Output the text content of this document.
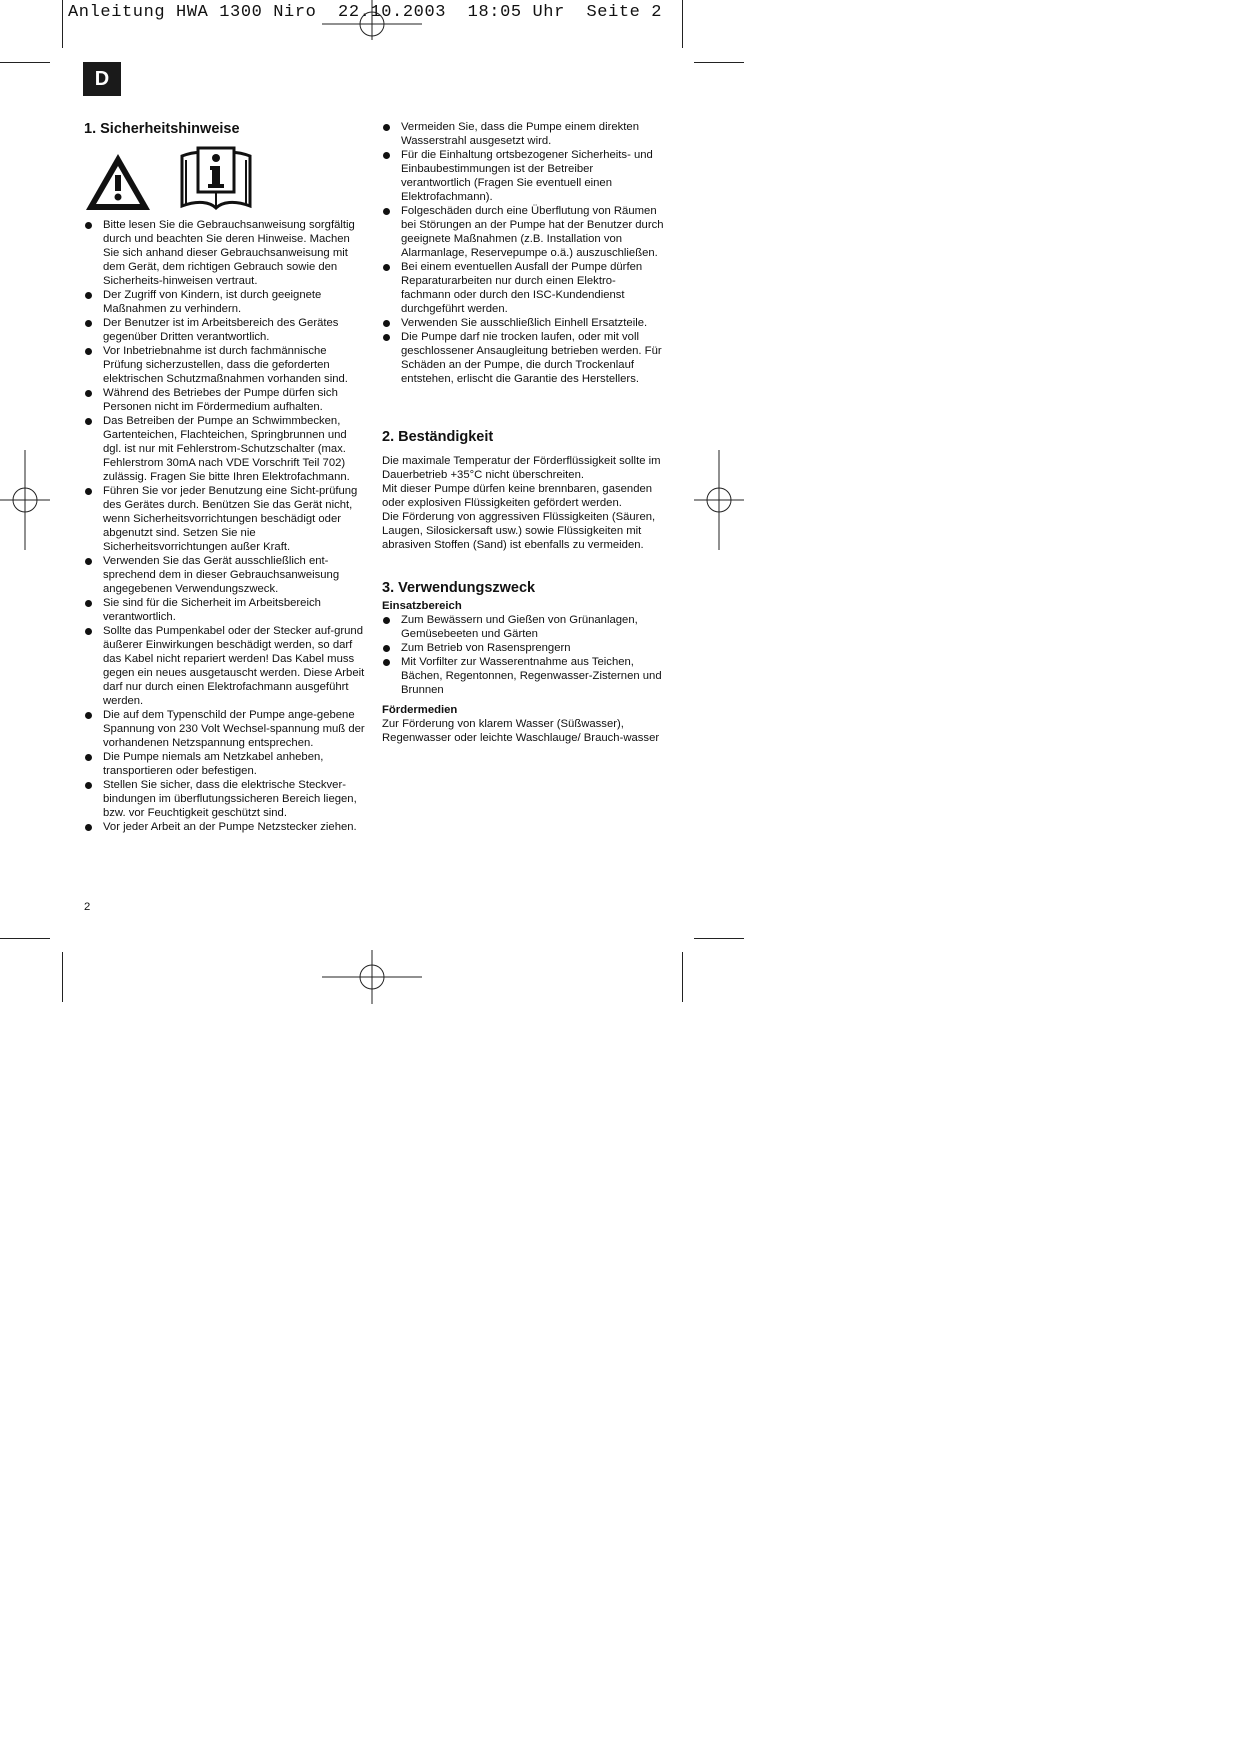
Anleitung HWA 1300 Niro  22.10.2003  18:05 Uhr  Seite 2
D
1. Sicherheitshinweise
Bitte lesen Sie die Gebrauchsanweisung sorgfältig durch und beachten Sie deren Hinweise. Machen Sie sich anhand dieser Gebrauchsanweisung mit dem Gerät, dem richtigen Gebrauch sowie den Sicherheits-hinweisen vertraut.
Der Zugriff von Kindern, ist durch geeignete Maßnahmen zu verhindern.
Der Benutzer ist im Arbeitsbereich des Gerätes gegenüber Dritten verantwortlich.
Vor Inbetriebnahme ist durch fachmännische Prüfung sicherzustellen, dass die geforderten elektrischen Schutzmaßnahmen vorhanden sind.
Während des Betriebes der Pumpe dürfen sich Personen nicht im Fördermedium aufhalten.
Das Betreiben der Pumpe an Schwimmbecken, Gartenteichen, Flachteichen, Springbrunnen und dgl. ist nur mit Fehlerstrom-Schutzschalter (max. Fehlerstrom 30mA nach VDE Vorschrift Teil 702) zulässig. Fragen Sie bitte Ihren Elektrofachmann.
Führen Sie vor jeder Benutzung eine Sicht-prüfung des Gerätes durch. Benützen Sie das Gerät nicht, wenn Sicherheitsvorrichtungen beschädigt oder abgenutzt sind. Setzen Sie nie Sicherheitsvorrichtungen außer Kraft.
Verwenden Sie das Gerät ausschließlich ent-sprechend dem in dieser Gebrauchsanweisung angegebenen Verwendungszweck.
Sie sind für die Sicherheit im Arbeitsbereich verantwortlich.
Sollte das Pumpenkabel oder der Stecker auf-grund äußerer Einwirkungen beschädigt werden, so darf das Kabel nicht repariert werden! Das Kabel muss gegen ein neues ausgetauscht werden. Diese Arbeit darf nur durch einen Elektrofachmann ausgeführt werden.
Die auf dem Typenschild der Pumpe ange-gebene Spannung von 230 Volt Wechsel-spannung muß der vorhandenen Netzspannung entsprechen.
Die Pumpe niemals am Netzkabel anheben, transportieren oder befestigen.
Stellen Sie sicher, dass die elektrische Steckver-bindungen im überflutungssicheren Bereich liegen, bzw. vor Feuchtigkeit geschützt sind.
Vor jeder Arbeit an der Pumpe Netzstecker ziehen.
Vermeiden Sie, dass die Pumpe einem direkten Wasserstrahl ausgesetzt wird.
Für die Einhaltung ortsbezogener Sicherheits- und Einbaubestimmungen ist der Betreiber verantwortlich (Fragen Sie eventuell einen Elektrofachmann).
Folgeschäden durch eine Überflutung von Räumen bei Störungen an der Pumpe hat der Benutzer durch geeignete Maßnahmen (z.B. Installation von Alarmanlage, Reservepumpe o.ä.) auszuschließen.
Bei einem eventuellen Ausfall der Pumpe dürfen Reparaturarbeiten nur durch einen Elektro-fachmann oder durch den ISC-Kundendienst durchgeführt werden.
Verwenden Sie ausschließlich Einhell Ersatzteile.
Die Pumpe darf nie trocken laufen, oder mit voll geschlossener Ansaugleitung betrieben werden. Für Schäden an der Pumpe, die durch Trockenlauf entstehen, erlischt die Garantie des Herstellers.
2. Beständigkeit

Die maximale Temperatur der Förderflüssigkeit sollte im Dauerbetrieb +35°C nicht überschreiten.

Mit dieser Pumpe dürfen keine brennbaren, gasenden oder explosiven Flüssigkeiten gefördert werden.

Die Förderung von aggressiven Flüssigkeiten (Säuren, Laugen, Silosickersaft usw.) sowie Flüssigkeiten mit abrasiven Stoffen (Sand) ist ebenfalls zu vermeiden.

3. Verwendungszweck
Einsatzbereich
Zum Bewässern und Gießen von Grünanlagen, Gemüsebeeten und Gärten
Zum Betrieb von Rasensprengern
Mit Vorfilter zur Wasserentnahme aus Teichen, Bächen, Regentonnen, Regenwasser-Zisternen und Brunnen
Fördermedien

Zur Förderung von klarem Wasser (Süßwasser), Regenwasser oder leichte Waschlauge/ Brauch-wasser

2
